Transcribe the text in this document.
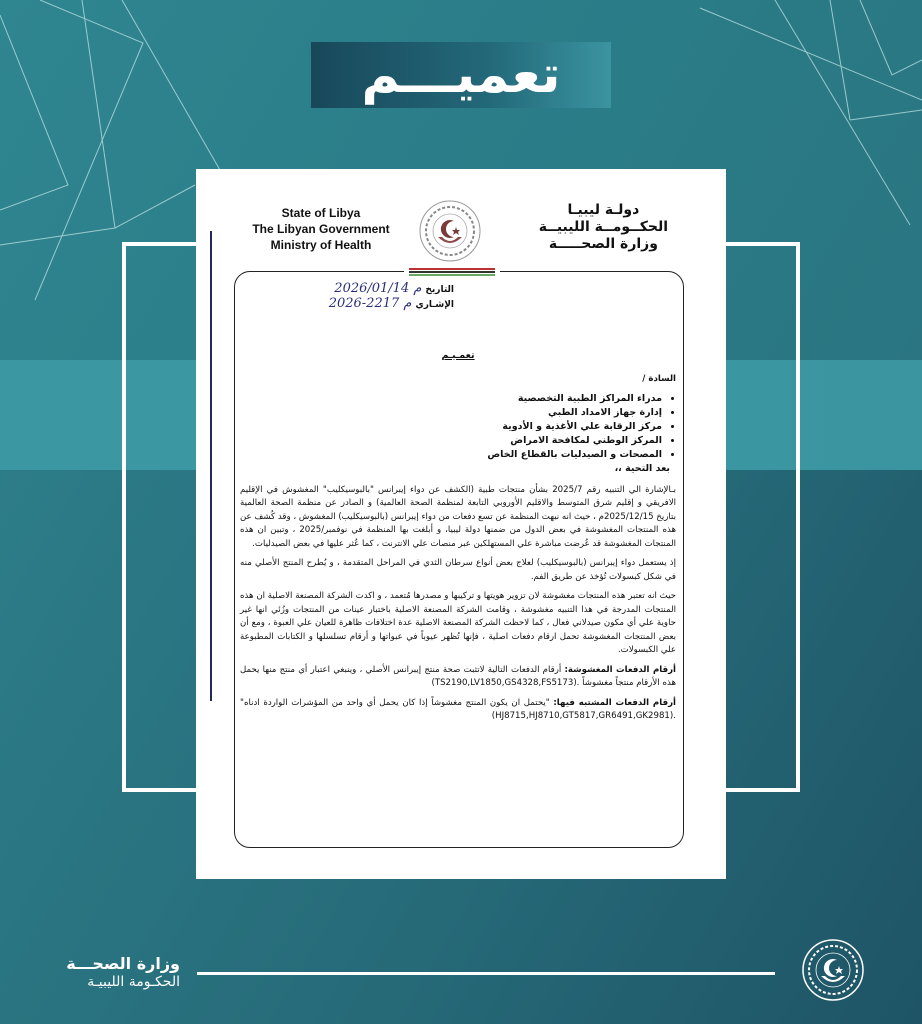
تعميـــم
State of Libya
The Libyan Government
Ministry of Health
دولـة ليبيـا
الحكــومــة الليبيــة
وزارة الصحـــــة
التاريخ
2026/01/14 م
الإشـاري
2026-2217 م
تعمـيـم
السادة /
• مدراء المراكز الطبية التخصصية
• إدارة جهاز الامداد الطبي
• مركز الرقابة علي الأغذية و الأدوية
• المركز الوطني لمكافحة الامراض
• المصحات و الصيدليات بالقطاع الخاص
بعد التحية ،،
بـالإشارة الي التنبيه رقم 2025/7 بشأن منتجات طبية (الكشف عن دواء إيبرانس "بالبوسيكليب" المغشوش في الإقليم الافريقي و إقليم شرق المتوسط والاقليم الأوروبي التابعة لمنظمة الصحة العالمية) و الصادر عن منظمة الصحة العالمية بتاريخ 2025/12/15م ، حيث انه نبهت المنظمة عن تسع دفعات من دواء إيبرانس (بالبوسيكليب) المغشوش ، وقد كُشف عن هذه المنتجات المغشوشة في بعض الدول من ضمنها دولة ليبيا، و أبلغت بها المنظمة في نوفمبر/2025 ، وتبين ان هذه المنتجات المغشوشة قد عُرضت مباشرة علي المستهلكين عبر منصات علي الانترنت ، كما عُثر عليها في بعض الصيدليات.
إذ يستعمل دواء إيبرانس (بالبوسيكليب) لعلاج بعض أنواع سرطان الثدي في المراحل المتقدمة ، و يُطرح المنتج الأصلي منه في شكل كبسولات تُؤخذ عن طريق الفم.
حيث انه تعتبر هذه المنتجات مغشوشة لان تزوير هويتها و تركيبها و مصدرها مُتعمد ، و اكدت الشركة المصنعة الاصلية ان هذه المنتجات المدرجة في هذا التنبيه مغشوشة ، وقامت الشركة المصنعة الاصلية باختبار عينات من المنتجات وزُئي انها غير حاوية علي أي مكون صيدلاني فعال ، كما لاحظت الشركة المصنعة الاصلية عدة اختلافات ظاهرة للعيان علي العبوة ، ومع أن بعض المنتجات المغشوشة تحمل ارقام دفعات اصلية ، فإنها تُظهر عيوباً في عبواتها و أرقام تسلسلها و الكتابات المطبوعة علي الكبسولات.
أرقام الدفعات المغشوشة: أرقام الدفعات التالية لاتثبت صحة منتج إيبرانس الأصلي ، وينبغي اعتبار أي منتج منها يحمل هذه الأرقام منتجاً مغشوشاً (TS2190,LV1850,GS4328,FS5173).
أرقام الدفعات المشتبه فيها: "يحتمل ان يكون المنتج مغشوشاً إذا كان يحمل أي واحد من المؤشرات الواردة ادناه" (HJ8715,HJ8710,GT5817,GR6491,GK2981).
وزارة الصحـــة
الحكـومة الليبيـة
